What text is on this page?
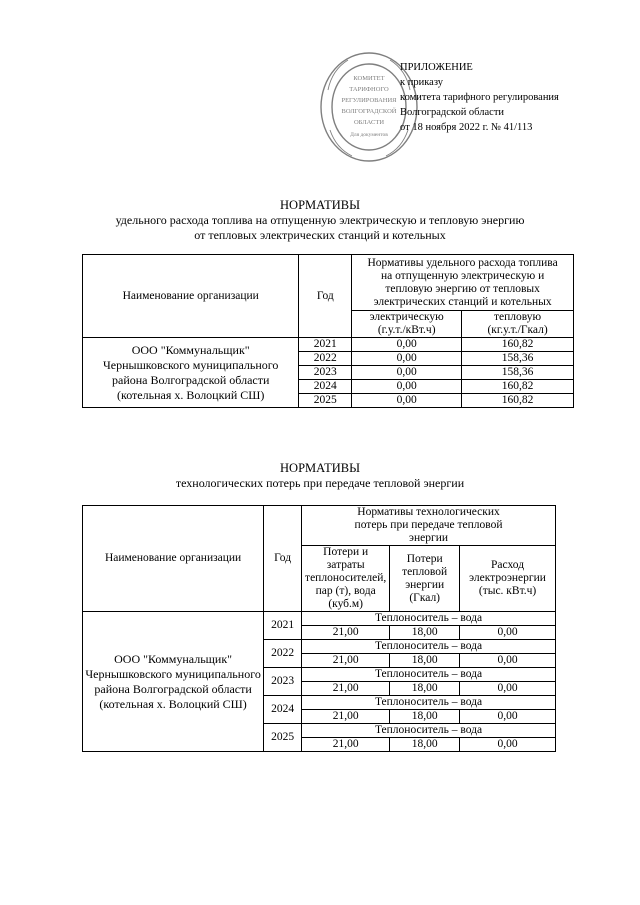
КОМИТЕТ
ТАРИФНОГО
РЕГУЛИРОВАНИЯ
ВОЛГОГРАДСКОЙ
ОБЛАСТИ
Для документов
ПРИЛОЖЕНИЕ
к приказу
комитета тарифного регулирования
Волгоградской области
от 18 ноября 2022 г. № 41/113
НОРМАТИВЫ
удельного расхода топлива на отпущенную электрическую и тепловую энергию
от тепловых электрических станций и котельных
Наименование организации	Год	Нормативы удельного расхода топлива на отпущенную электрическую и тепловую энергию от тепловых электрических станций и котельных	
		электрическую (г.у.т./кВт.ч)	тепловую (кг.у.т./Гкал)
ООО "Коммунальщик" Чернышковского муниципального района Волгоградской области (котельная х. Волоцкий СШ)	2021	0,00	160,82
	2022	0,00	158,36
	2023	0,00	158,36
	2024	0,00	160,82
	2025	0,00	160,82
НОРМАТИВЫ
технологических потерь при передаче тепловой энергии
Наименование организации	Год	Нормативы технологических потерь при передаче тепловой энергии		
		Потери и затраты теплоносителей, пар (т), вода (куб.м)	Потери тепловой энергии (Гкал)	Расход электроэнергии (тыс. кВт.ч)
ООО "Коммунальщик" Чернышковского муниципального района Волгоградской области (котельная х. Волоцкий СШ)	2021	Теплоноситель – вода		
		21,00	18,00	0,00
	2022	Теплоноситель – вода		
		21,00	18,00	0,00
	2023	Теплоноситель – вода		
		21,00	18,00	0,00
	2024	Теплоноситель – вода		
		21,00	18,00	0,00
	2025	Теплоноситель – вода		
		21,00	18,00	0,00
